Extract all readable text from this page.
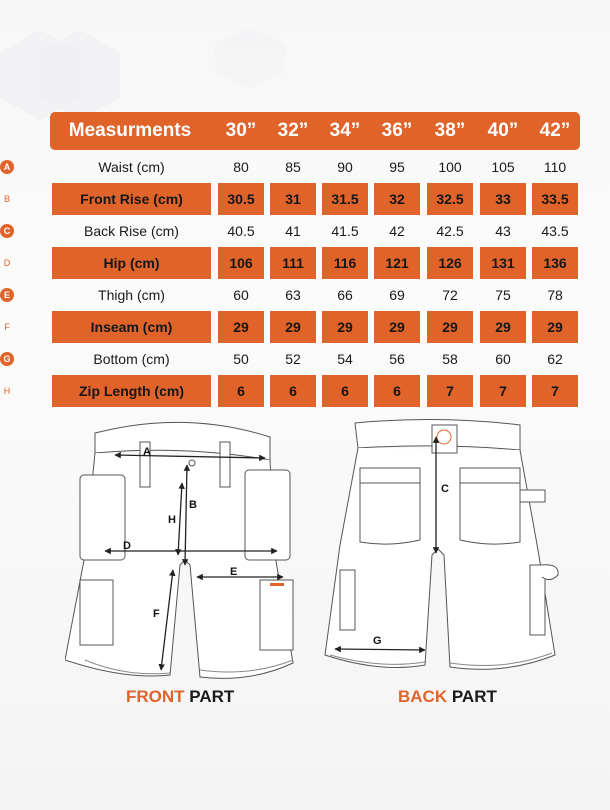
Measurments	30”	32”	34”	36”	38”	40”	42”
A	Waist (cm)	80	85	90	95	100	105	110
B	Front Rise (cm)	30.5	31	31.5	32	32.5	33	33.5
C	Back Rise (cm)	40.5	41	41.5	42	42.5	43	43.5
D	Hip (cm)	106	111	116	121	126	131	136
E	Thigh (cm)	60	63	66	69	72	75	78
F	Inseam (cm)	29	29	29	29	29	29	29
G	Bottom (cm)	50	52	54	56	58	60	62
H	Zip Length (cm)	6	6	6	6	7	7	7
A
B
H
D
E
F
FRONT PART
C
G
BACK PART
